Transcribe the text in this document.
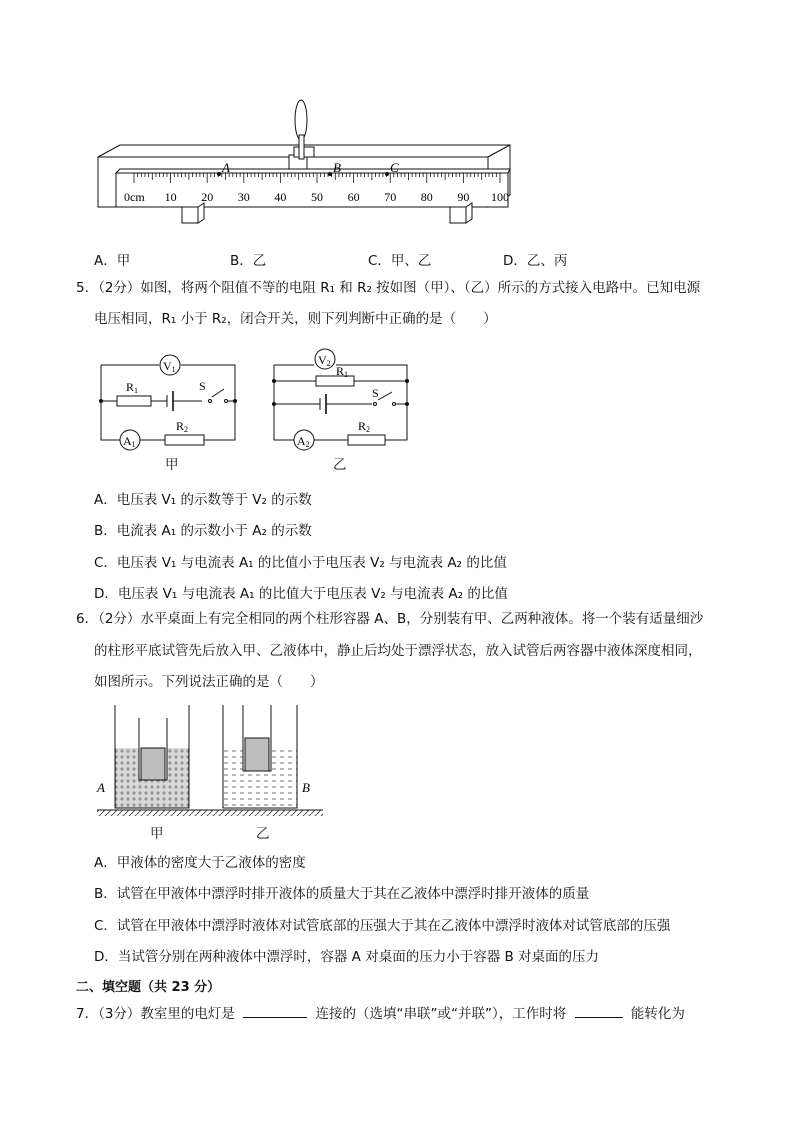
A	B	C
0cm 10 20 30 40 50 60 70 80 90 100
A．甲	B．乙	C．甲、乙	D．乙、丙
5．（2分）如图，将两个阻值不等的电阻 R₁ 和 R₂ 按如图（甲）、（乙）所示的方式接入电路中。已知电源
电压相同，R₁ 小于 R₂，闭合开关，则下列判断中正确的是（　　）
V1
R1	S
A1
R2
甲
V2
R1
S
A2
R2
乙
A．电压表 V₁ 的示数等于 V₂ 的示数
B．电流表 A₁ 的示数小于 A₂ 的示数
C．电压表 V₁ 与电流表 A₁ 的比值小于电压表 V₂ 与电流表 A₂ 的比值
D．电压表 V₁ 与电流表 A₁ 的比值大于电压表 V₂ 与电流表 A₂ 的比值
6．（2分）水平桌面上有完全相同的两个柱形容器 A、B，分别装有甲、乙两种液体。将一个装有适量细沙
的柱形平底试管先后放入甲、乙液体中，静止后均处于漂浮状态，放入试管后两容器中液体深度相同，
如图所示。下列说法正确的是（　　）
A	B
甲	乙
A．甲液体的密度大于乙液体的密度
B．试管在甲液体中漂浮时排开液体的质量大于其在乙液体中漂浮时排开液体的质量
C．试管在甲液体中漂浮时液体对试管底部的压强大于其在乙液体中漂浮时液体对试管底部的压强
D．当试管分别在两种液体中漂浮时，容器 A 对桌面的压力小于容器 B 对桌面的压力
二、填空题（共 23 分）
7．（3分）教室里的电灯是	连接的（选填“串联”或“并联”），工作时将	能转化为
